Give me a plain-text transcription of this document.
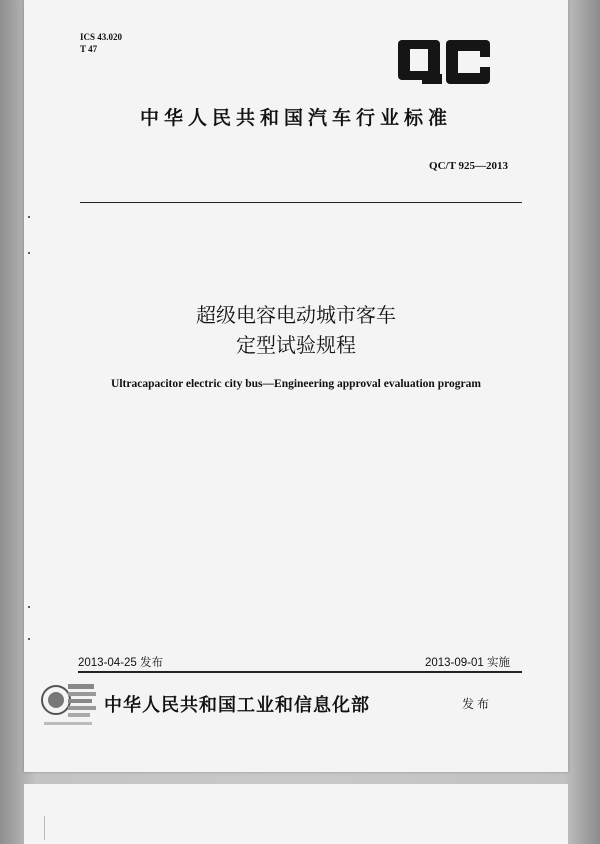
ICS 43.020
T 47
中华人民共和国汽车行业标准
QC/T 925—2013
超级电容电动城市客车
定型试验规程
Ultracapacitor electric city bus—Engineering approval evaluation program
2013-04-25 发布	2013-09-01 实施
中华人民共和国工业和信息化部	发布
